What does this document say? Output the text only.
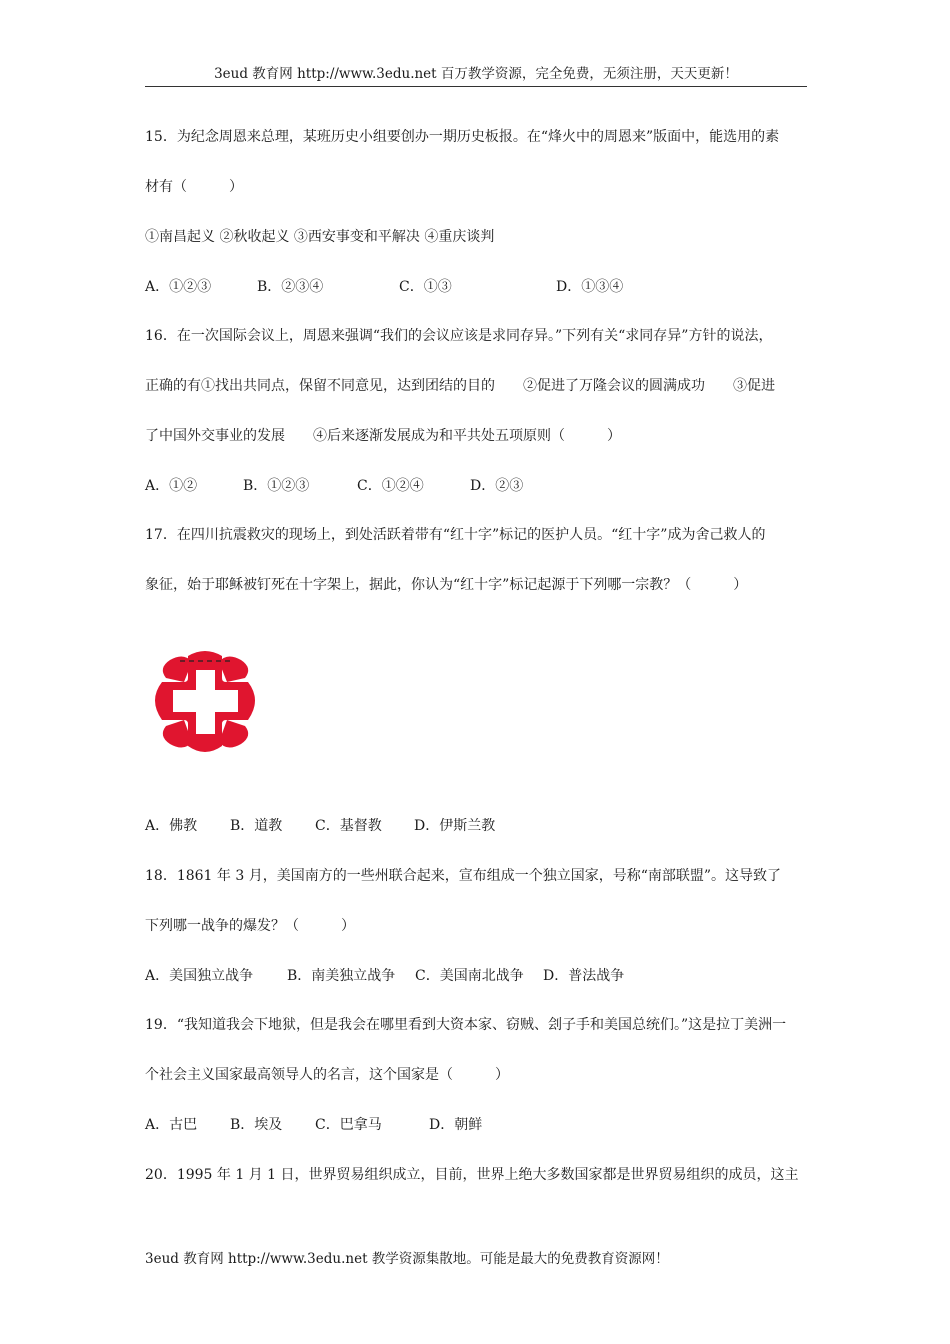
3eud 教育网 http://www.3edu.net 百万教学资源，完全免费，无须注册，天天更新！
15．为纪念周恩来总理，某班历史小组要创办一期历史板报。在“烽火中的周恩来”版面中，能选用的素
材有（　　　）
①南昌起义 ②秋收起义 ③西安事变和平解决 ④重庆谈判
A．①②③	B．②③④	C．①③	D．①③④
16．在一次国际会议上，周恩来强调“我们的会议应该是求同存异。”下列有关“求同存异”方针的说法，
正确的有①找出共同点，保留不同意见，达到团结的目的　　②促进了万隆会议的圆满成功　　③促进
了中国外交事业的发展　　④后来逐渐发展成为和平共处五项原则（　　　）
A．①②	B．①②③	C．①②④	D．②③
17．在四川抗震救灾的现场上，到处活跃着带有“红十字”标记的医护人员。“红十字”成为舍己救人的
象征，始于耶稣被钉死在十字架上，据此，你认为“红十字”标记起源于下列哪一宗教？（　　　）
A．佛教 B．道教 C．基督教 D．伊斯兰教
18．1861 年 3 月，美国南方的一些州联合起来，宣布组成一个独立国家，号称“南部联盟”。这导致了
下列哪一战争的爆发？（　　　）
A．美国独立战争 B．南美独立战争 C．美国南北战争 D．普法战争
19．“我知道我会下地狱，但是我会在哪里看到大资本家、窃贼、刽子手和美国总统们。”这是拉丁美洲一
个社会主义国家最高领导人的名言，这个国家是（　　　）
A．古巴 B．埃及 C．巴拿马	D．朝鲜
20．1995 年 1 月 1 日，世界贸易组织成立，目前，世界上绝大多数国家都是世界贸易组织的成员，这主
3eud 教育网 http://www.3edu.net 教学资源集散地。可能是最大的免费教育资源网！
